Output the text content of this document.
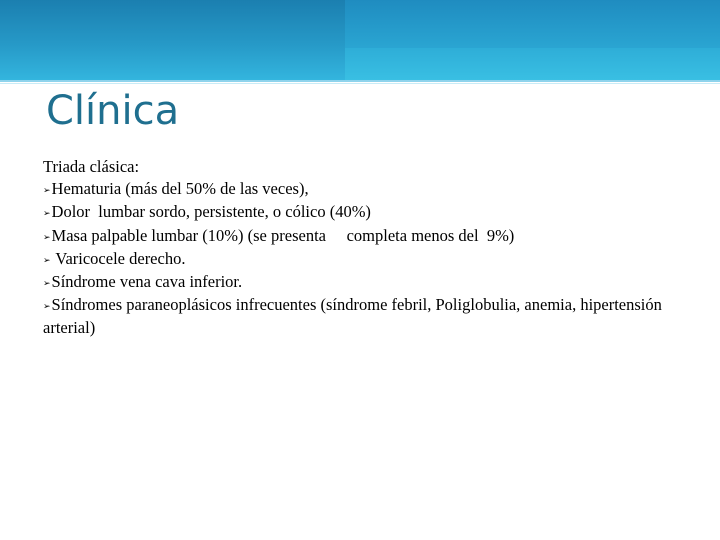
Clínica
Triada clásica:
➢Hematuria (más del 50% de las veces),
➢Dolor  lumbar sordo, persistente, o cólico (40%)
➢Masa palpable lumbar (10%) (se presenta     completa menos del  9%)
➢ Varicocele derecho.
➢Síndrome vena cava inferior.
➢Síndromes paraneoplásicos infrecuentes (síndrome febril, Poliglobulia, anemia, hipertensión arterial)
